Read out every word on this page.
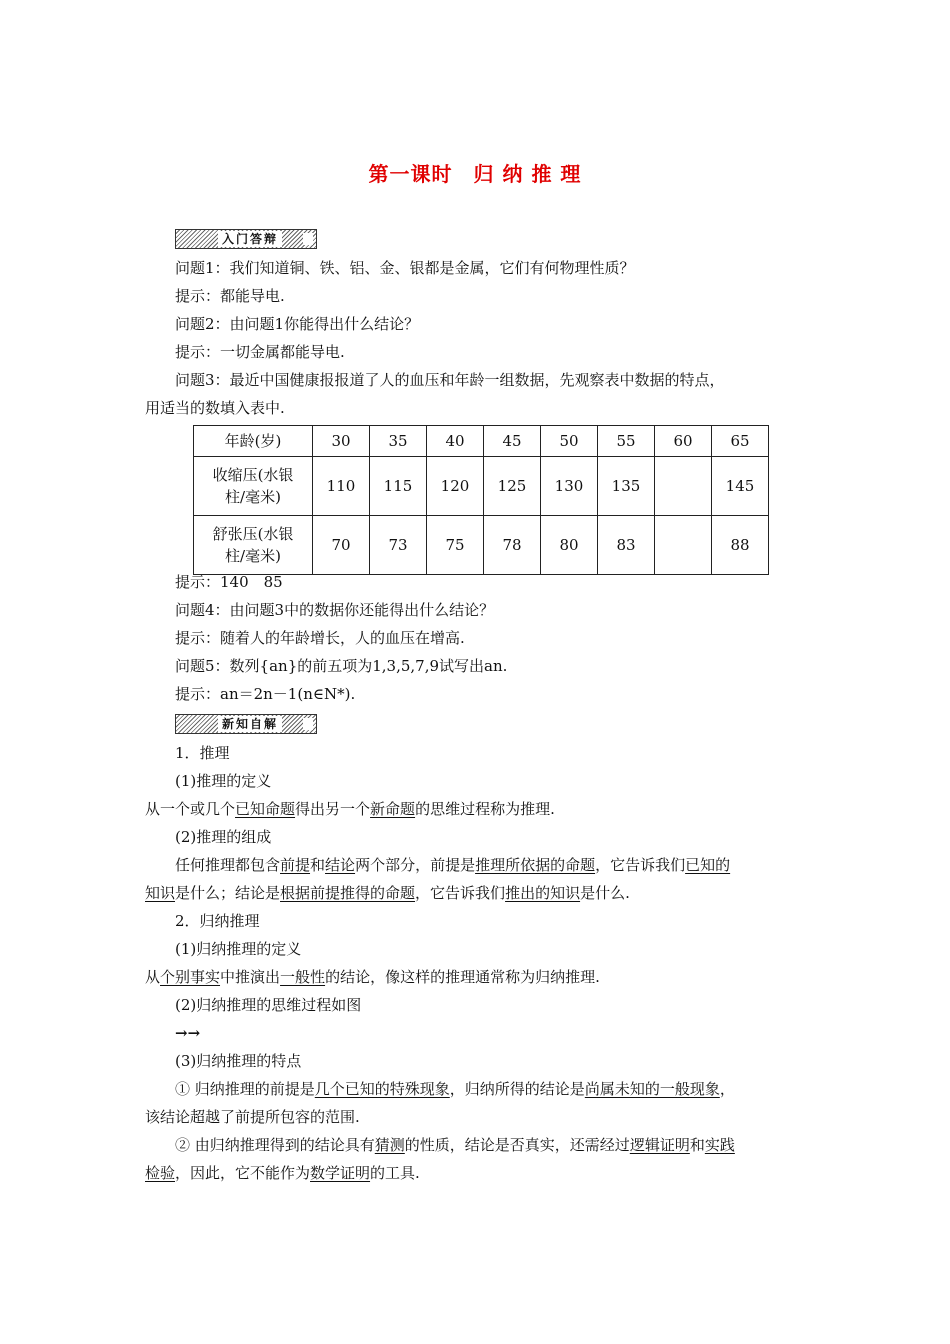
第一课时　归 纳 推 理
入门答辩
问题1：我们知道铜、铁、铝、金、银都是金属，它们有何物理性质？
提示：都能导电.
问题2：由问题1你能得出什么结论？
提示：一切金属都能导电.
问题3：最近中国健康报报道了人的血压和年龄一组数据，先观察表中数据的特点，
用适当的数填入表中.
年龄(岁)	30	35	40	45	50	55	60	65
收缩压(水银
柱/毫米)	110	115	120	125	130	135		145
舒张压(水银
柱/毫米)	70	73	75	78	80	83		88
提示：140　85
问题4：由问题3中的数据你还能得出什么结论？
提示：随着人的年龄增长，人的血压在增高.
问题5：数列{an}的前五项为1,3,5,7,9试写出an.
提示：an＝2n－1(n∈N*).
新知自解
1．推理
(1)推理的定义
从一个或几个已知命题得出另一个新命题的思维过程称为推理.
(2)推理的组成
任何推理都包含前提和结论两个部分，前提是推理所依据的命题，它告诉我们已知的
知识是什么；结论是根据前提推得的命题，它告诉我们推出的知识是什么.
2．归纳推理
(1)归纳推理的定义
从个别事实中推演出一般性的结论，像这样的推理通常称为归纳推理.
(2)归纳推理的思维过程如图
→→
(3)归纳推理的特点
① 归纳推理的前提是几个已知的特殊现象，归纳所得的结论是尚属未知的一般现象，
该结论超越了前提所包容的范围.
② 由归纳推理得到的结论具有猜测的性质，结论是否真实，还需经过逻辑证明和实践
检验，因此，它不能作为数学证明的工具.
